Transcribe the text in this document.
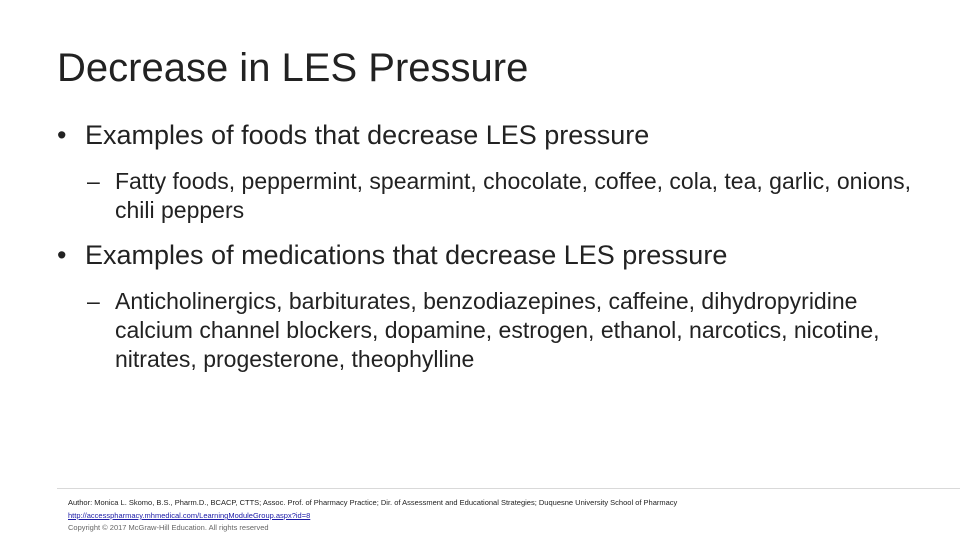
Decrease in LES Pressure
• Examples of foods that decrease LES pressure
– Fatty foods, peppermint, spearmint, chocolate, coffee, cola, tea, garlic, onions, chili peppers
• Examples of medications that decrease LES pressure
– Anticholinergics, barbiturates, benzodiazepines, caffeine, dihydropyridine calcium channel blockers, dopamine, estrogen, ethanol, narcotics, nicotine, nitrates, progesterone, theophylline
Author: Monica L. Skomo, B.S., Pharm.D., BCACP, CTTS; Assoc. Prof. of Pharmacy Practice; Dir. of Assessment and Educational Strategies; Duquesne University School of Pharmacy
http://accesspharmacy.mhmedical.com/LearningModuleGroup.aspx?id=8
Copyright © 2017 McGraw-Hill Education. All rights reserved
